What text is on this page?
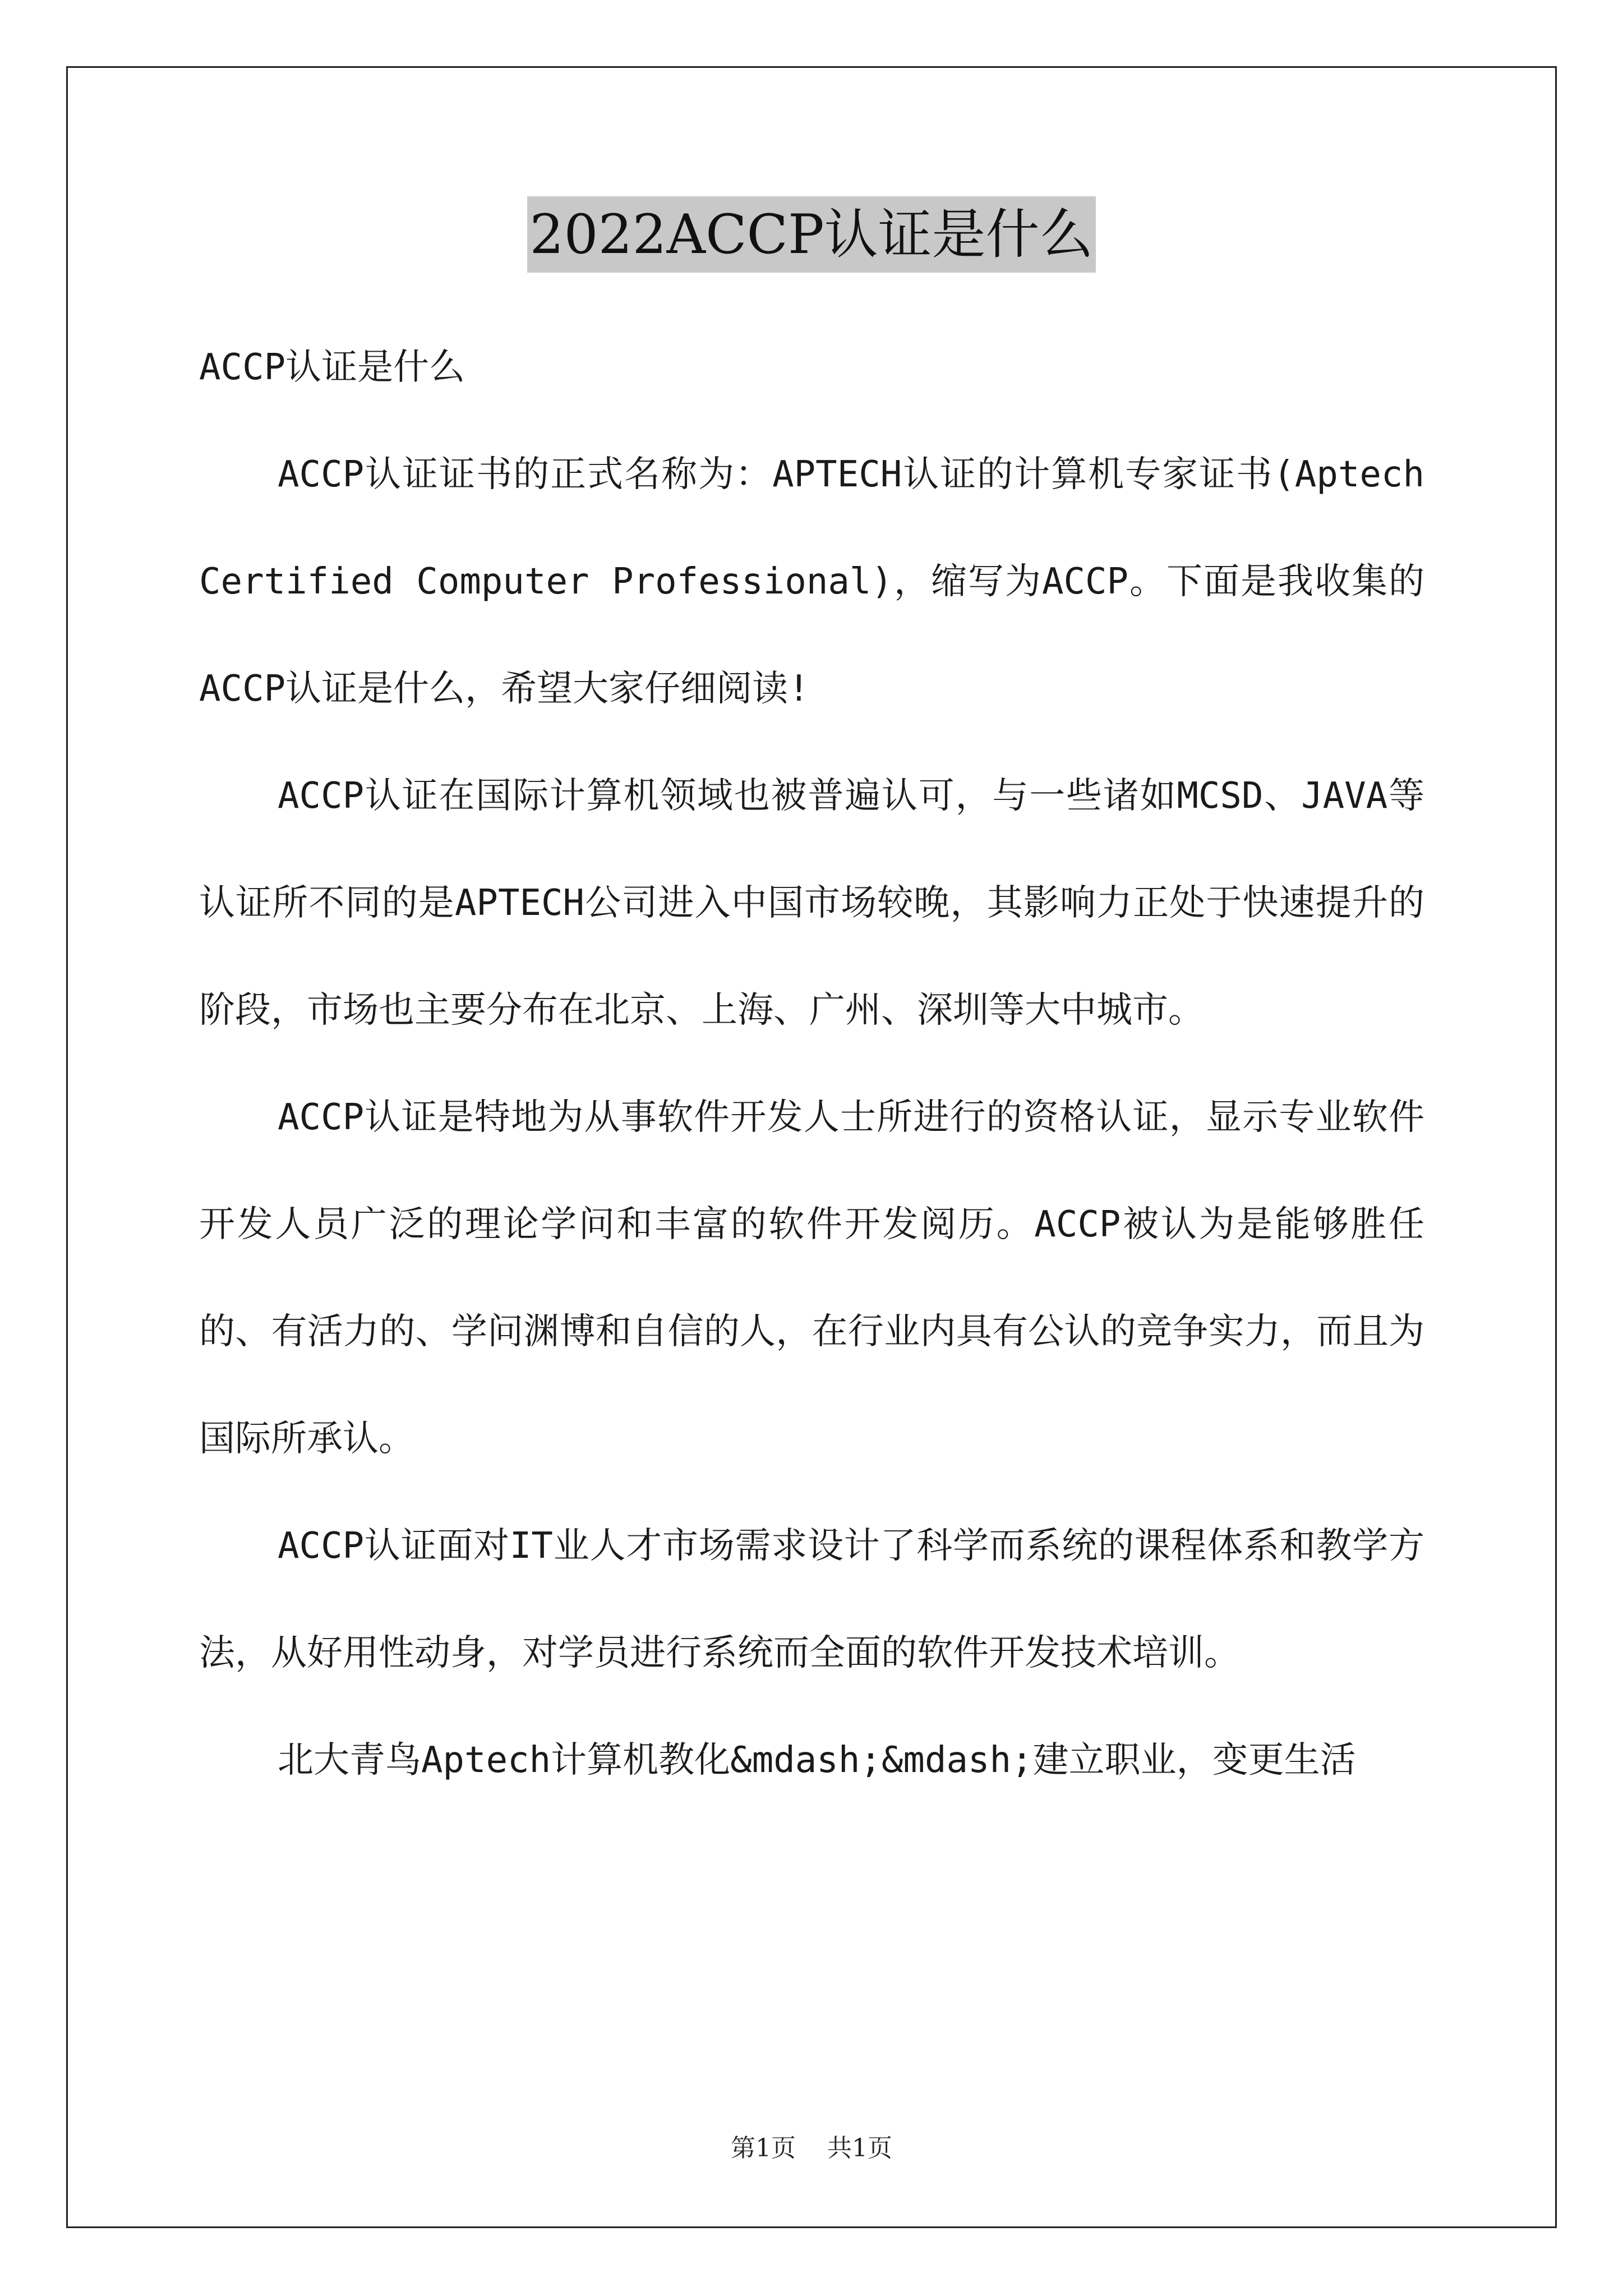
2022ACCP认证是什么

ACCP认证是什么

ACCP认证证书的正式名称为：APTECH认证的计算机专家证书(Aptech Certified Computer Professional)，缩写为ACCP。下面是我收集的ACCP认证是什么，希望大家仔细阅读!

ACCP认证在国际计算机领域也被普遍认可，与一些诸如MCSD、JAVA等认证所不同的是APTECH公司进入中国市场较晚，其影响力正处于快速提升的阶段，市场也主要分布在北京、上海、广州、深圳等大中城市。

ACCP认证是特地为从事软件开发人士所进行的资格认证，显示专业软件开发人员广泛的理论学问和丰富的软件开发阅历。ACCP被认为是能够胜任的、有活力的、学问渊博和自信的人，在行业内具有公认的竞争实力，而且为国际所承认。

ACCP认证面对IT业人才市场需求设计了科学而系统的课程体系和教学方法，从好用性动身，对学员进行系统而全面的软件开发技术培训。

北大青鸟Aptech计算机教化&mdash;&mdash;建立职业，变更生活

第1页 共1页
